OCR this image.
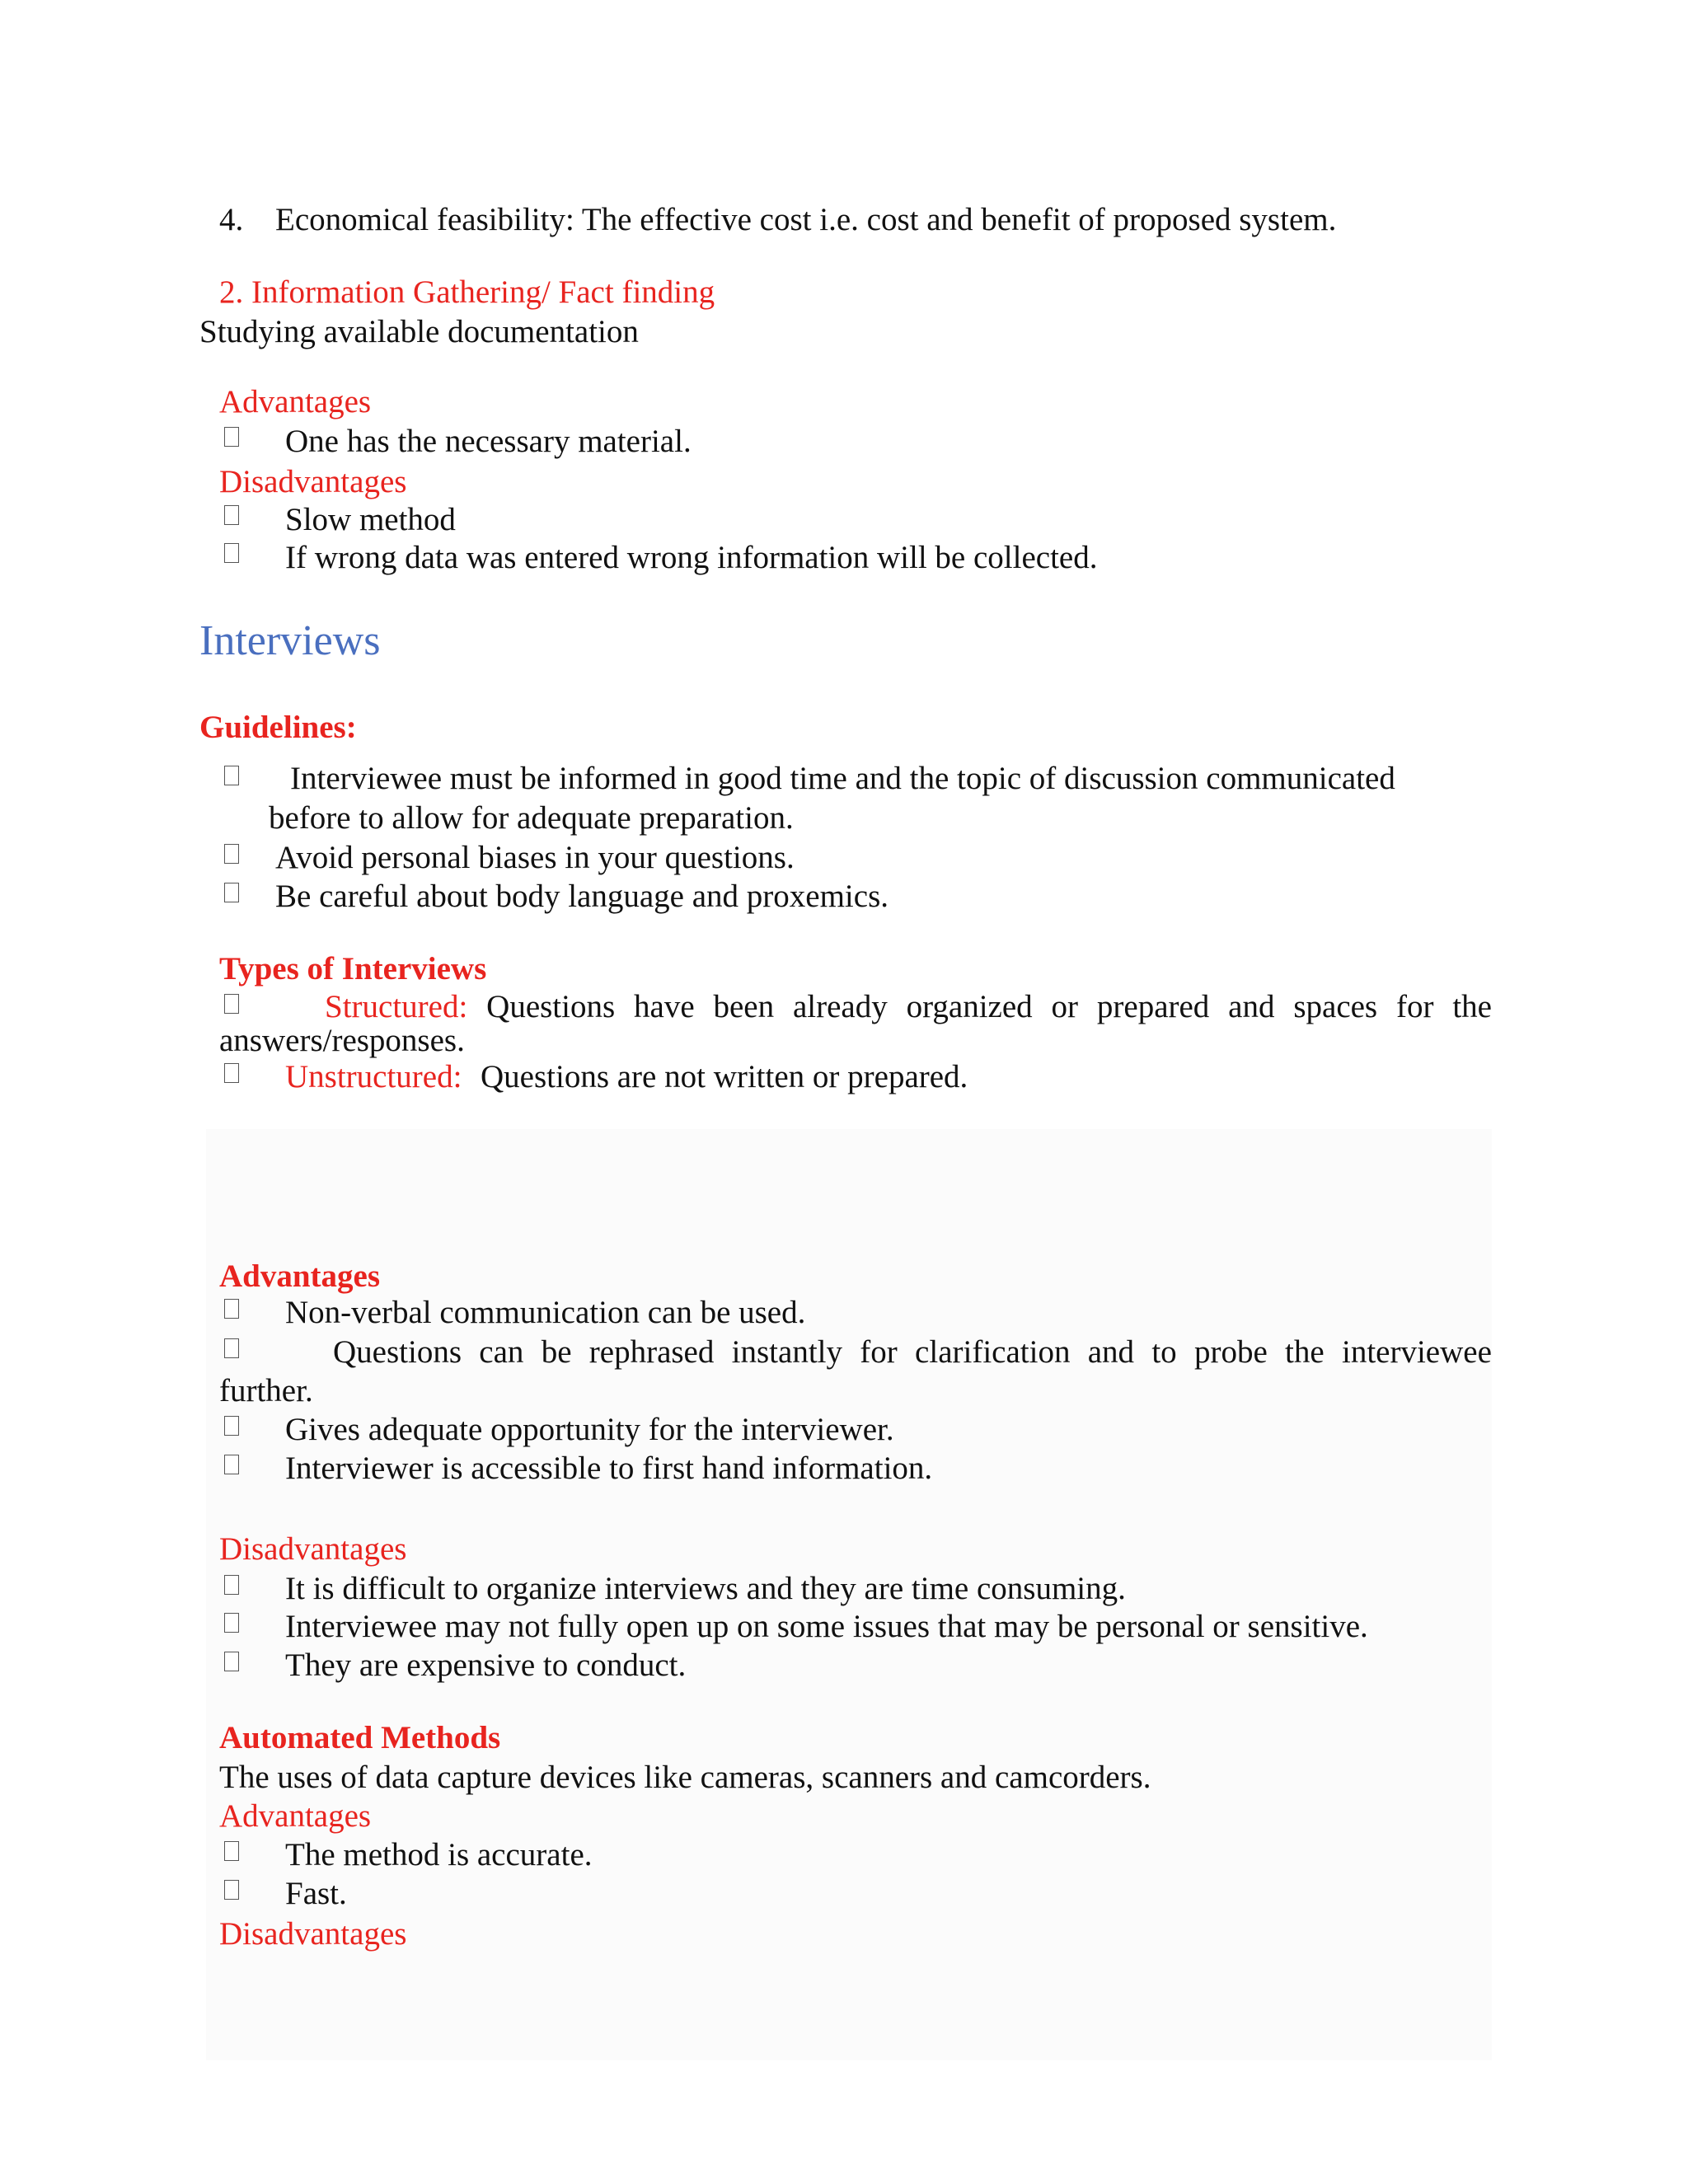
4. Economical feasibility: The effective cost i.e. cost and benefit of proposed system.
2. Information Gathering/ Fact finding
Studying available documentation
Advantages
One has the necessary material.
Disadvantages
Slow method
If wrong data was entered wrong information will be collected.
Interviews
Guidelines:
Interviewee must be informed in good time and the topic of discussion communicated
before to allow for adequate preparation.
Avoid personal biases in your questions.
Be careful about body language and proxemics.
Types of Interviews
Structured: Questions have been already organized or prepared and spaces for the
answers/responses.
Unstructured: Questions are not written or prepared.
Advantages
Non-verbal communication can be used.
Questions can be rephrased instantly for clarification and to probe the interviewee
further.
Gives adequate opportunity for the interviewer.
Interviewer is accessible to first hand information.
Disadvantages
It is difficult to organize interviews and they are time consuming.
Interviewee may not fully open up on some issues that may be personal or sensitive.
They are expensive to conduct.
Automated Methods
The uses of data capture devices like cameras, scanners and camcorders.
Advantages
The method is accurate.
Fast.
Disadvantages
